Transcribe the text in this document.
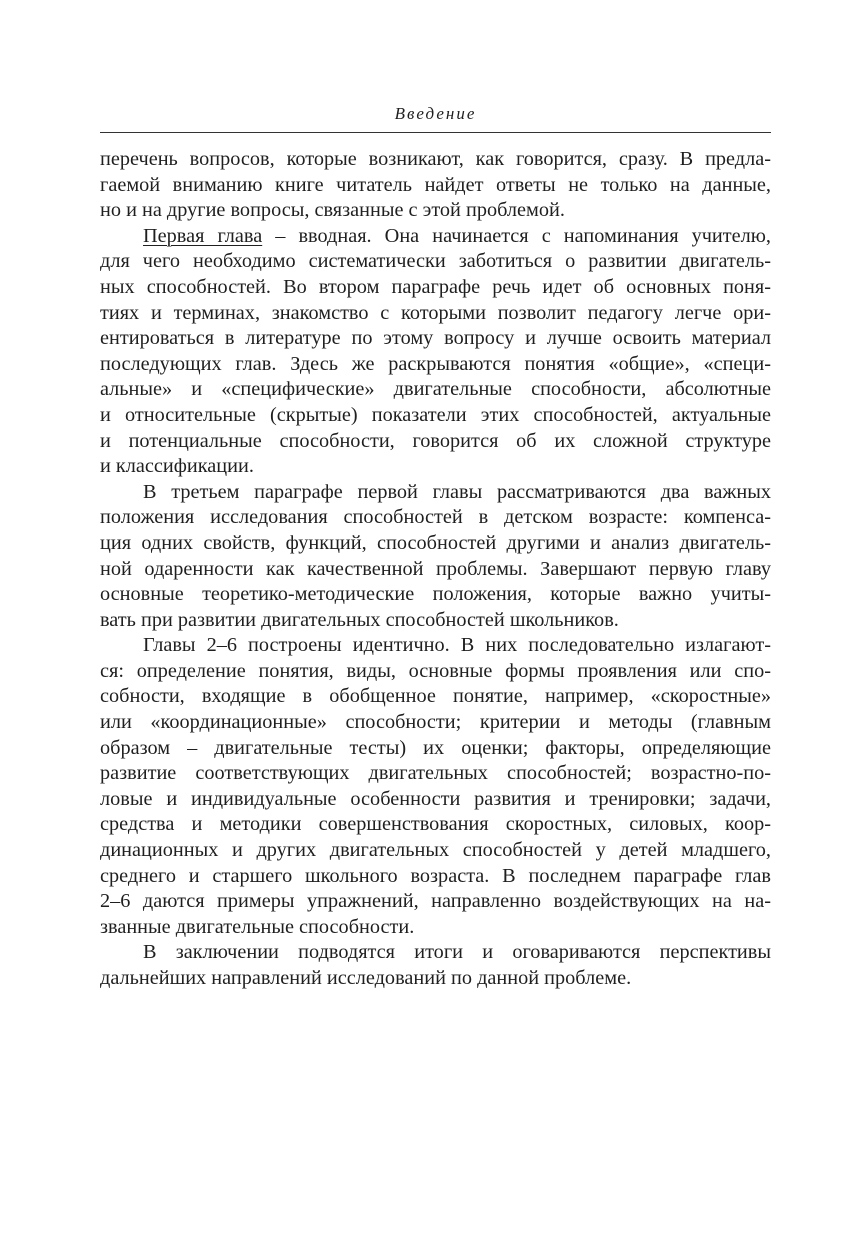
Введение
перечень вопросов, которые возникают, как говорится, сразу. В предла-
гаемой вниманию книге читатель найдет ответы не только на данные,
но и на другие вопросы, связанные с этой проблемой.
Первая глава – вводная. Она начинается с напоминания учителю,
для чего необходимо систематически заботиться о развитии двигатель-
ных способностей. Во втором параграфе речь идет об основных поня-
тиях и терминах, знакомство с которыми позволит педагогу легче ори-
ентироваться в литературе по этому вопросу и лучше освоить материал
последующих глав. Здесь же раскрываются понятия «общие», «специ-
альные» и «специфические» двигательные способности, абсолютные
и относительные (скрытые) показатели этих способностей, актуальные
и потенциальные способности, говорится об их сложной структуре
и классификации.
В третьем параграфе первой главы рассматриваются два важных
положения исследования способностей в детском возрасте: компенса-
ция одних свойств, функций, способностей другими и анализ двигатель-
ной одаренности как качественной проблемы. Завершают первую главу
основные теоретико-методические положения, которые важно учиты-
вать при развитии двигательных способностей школьников.
Главы 2–6 построены идентично. В них последовательно излагают-
ся: определение понятия, виды, основные формы проявления или спо-
собности, входящие в обобщенное понятие, например, «скоростные»
или «координационные» способности; критерии и методы (главным
образом – двигательные тесты) их оценки; факторы, определяющие
развитие соответствующих двигательных способностей; возрастно-по-
ловые и индивидуальные особенности развития и тренировки; задачи,
средства и методики совершенствования скоростных, силовых, коор-
динационных и других двигательных способностей у детей младшего,
среднего и старшего школьного возраста. В последнем параграфе глав
2–6 даются примеры упражнений, направленно воздействующих на на-
званные двигательные способности.
В заключении подводятся итоги и оговариваются перспективы
дальнейших направлений исследований по данной проблеме.
